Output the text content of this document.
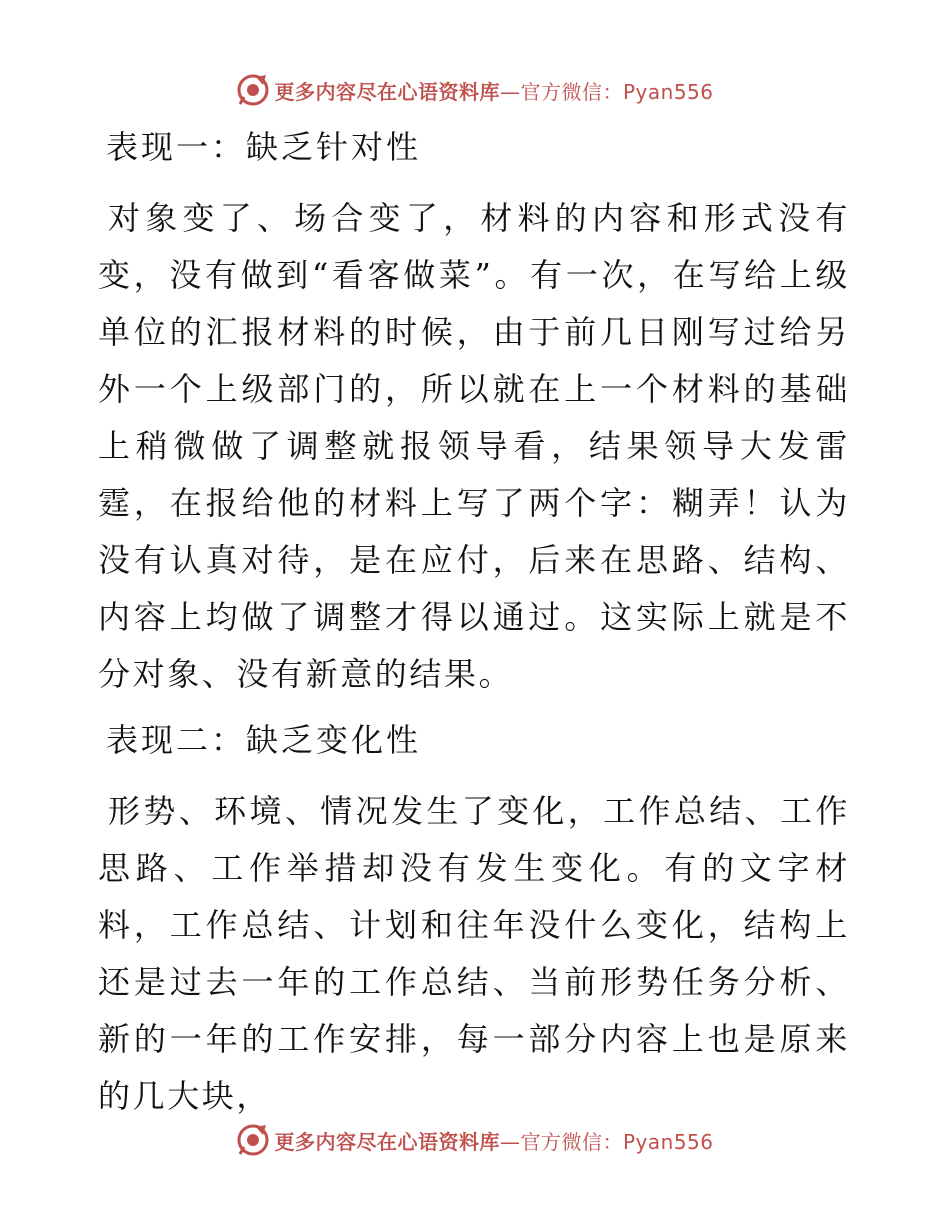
更多内容尽在心语资料库—官方微信：Pyan556
表现一：缺乏针对性
对象变了、场合变了，材料的内容和形式没有变，没有做到“看客做菜”。有一次，在写给上级单位的汇报材料的时候，由于前几日刚写过给另外一个上级部门的，所以就在上一个材料的基础上稍微做了调整就报领导看，结果领导大发雷霆，在报给他的材料上写了两个字：糊弄！认为没有认真对待，是在应付，后来在思路、结构、内容上均做了调整才得以通过。这实际上就是不分对象、没有新意的结果。
表现二：缺乏变化性
形势、环境、情况发生了变化，工作总结、工作思路、工作举措却没有发生变化。有的文字材料，工作总结、计划和往年没什么变化，结构上还是过去一年的工作总结、当前形势任务分析、新的一年的工作安排，每一部分内容上也是原来的几大块，
更多内容尽在心语资料库—官方微信：Pyan556
